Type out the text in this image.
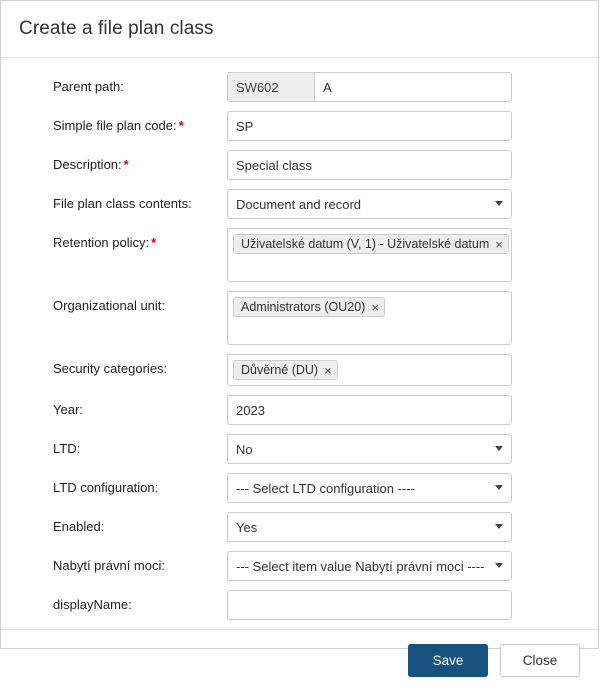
Create a file plan class
Parent path:
SW602
A
Simple file plan code: *
SP
Description: *
Special class
File plan class contents:
Document and record
Retention policy: *	Uživatelské datum (V, 1) - Uživatelské datum ×
Organizational unit:	Administrators (OU20) ×
Security categories:	Důvěrné (DU) ×
Year:
2023
LTD:
No
LTD configuration:
--- Select LTD configuration ----
Enabled:
Yes
Nabytí právní moci:
--- Select item value Nabytí právní moci ----
displayName:
Save	Close
